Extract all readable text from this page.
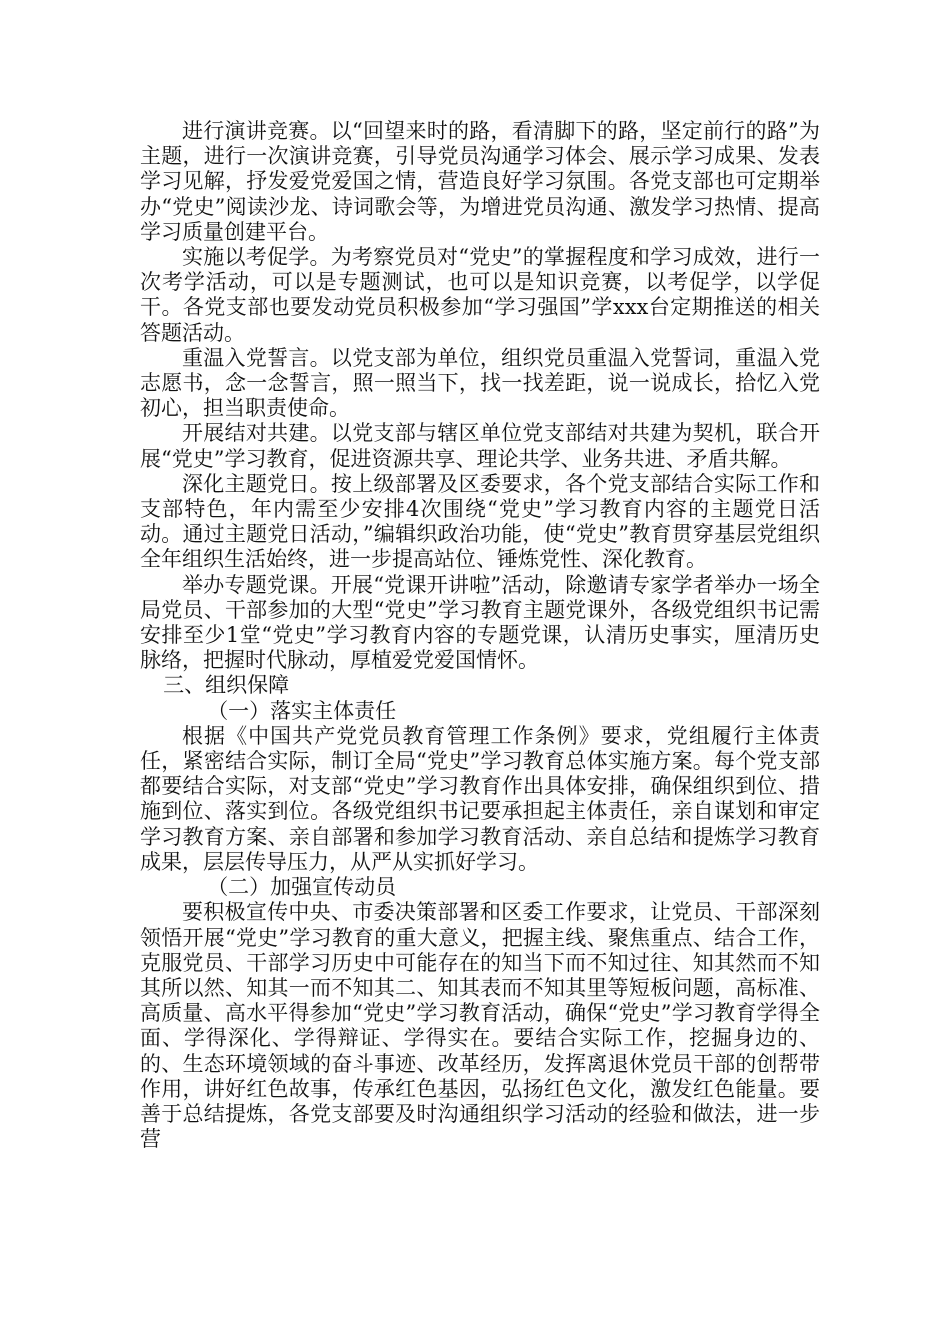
进行演讲竞赛。以“回望来时的路，看清脚下的路，坚定前行的路”为主题，进行一次演讲竞赛，引导党员沟通学习体会、展示学习成果、发表学习见解，抒发爱党爱国之情，营造良好学习氛围。各党支部也可定期举办“党史”阅读沙龙、诗词歌会等，为增进党员沟通、激发学习热情、提高学习质量创建平台。

实施以考促学。为考察党员对“党史”的掌握程度和学习成效，进行一次考学活动，可以是专题测试，也可以是知识竞赛，以考促学，以学促干。各党支部也要发动党员积极参加“学习强国”学xxx台定期推送的相关答题活动。

重温入党誓言。以党支部为单位，组织党员重温入党誓词，重温入党志愿书，念一念誓言，照一照当下，找一找差距，说一说成长，拾忆入党初心，担当职责使命。

开展结对共建。以党支部与辖区单位党支部结对共建为契机，联合开展“党史”学习教育，促进资源共享、理论共学、业务共进、矛盾共解。

深化主题党日。按上级部署及区委要求，各个党支部结合实际工作和支部特色，年内需至少安排4次围绕“党史”学习教育内容的主题党日活动。通过主题党日活动，”编辑织政治功能，使“党史”教育贯穿基层党组织全年组织生活始终，进一步提高站位、锤炼党性、深化教育。

举办专题党课。开展“党课开讲啦”活动，除邀请专家学者举办一场全局党员、干部参加的大型“党史”学习教育主题党课外，各级党组织书记需安排至少1堂“党史”学习教育内容的专题党课，认清历史事实，厘清历史脉络，把握时代脉动，厚植爱党爱国情怀。

三、组织保障

（一）落实主体责任

根据《中国共产党党员教育管理工作条例》要求，党组履行主体责任，紧密结合实际，制订全局“党史”学习教育总体实施方案。每个党支部都要结合实际，对支部“党史”学习教育作出具体安排，确保组织到位、措施到位、落实到位。各级党组织书记要承担起主体责任，亲自谋划和审定学习教育方案、亲自部署和参加学习教育活动、亲自总结和提炼学习教育成果，层层传导压力，从严从实抓好学习。

（二）加强宣传动员

要积极宣传中央、市委决策部署和区委工作要求，让党员、干部深刻领悟开展“党史”学习教育的重大意义，把握主线、聚焦重点、结合工作，克服党员、干部学习历史中可能存在的知当下而不知过往、知其然而不知其所以然、知其一而不知其二、知其表而不知其里等短板问题，高标准、高质量、高水平得参加“党史”学习教育活动，确保“党史”学习教育学得全面、学得深化、学得辩证、学得实在。要结合实际工作，挖掘身边的、 的、生态环境领域的奋斗事迹、改革经历，发挥离退休党员干部的创帮带作用，讲好红色故事，传承红色基因，弘扬红色文化，激发红色能量。要善于总结提炼，各党支部要及时沟通组织学习活动的经验和做法，进一步营
